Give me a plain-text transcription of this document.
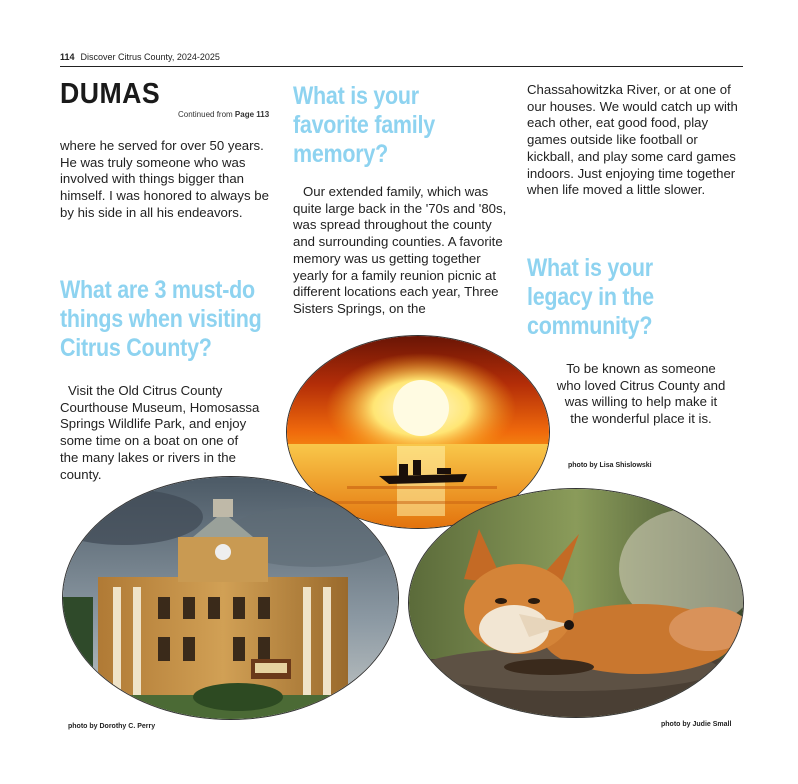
114 Discover Citrus County, 2024-2025
DUMAS
Continued from Page 113
where he served for over 50 years. He was truly someone who was involved with things bigger than himself. I was honored to always be by his side in all his endeavors.
What are 3 must-do things when visiting Citrus County?
Visit the Old Citrus County Courthouse Museum, Homosassa Springs Wildlife Park, and enjoy some time on a boat on one of the many lakes or rivers in the county.
What is your favorite family memory?
Our extended family, which was quite large back in the '70s and '80s, was spread throughout the county and surrounding counties. A favorite memory was us getting together yearly for a family reunion picnic at different locations each year, Three Sisters Springs, on the
Chassahowitzka River, or at one of our houses. We would catch up with each other, eat good food, play games outside like football or kickball, and play some card games indoors. Just enjoying time together when life moved a little slower.
What is your legacy in the community?
To be known as someone who loved Citrus County and was willing to help make it the wonderful place it is.
photo by Lisa Shislowski
photo by Dorothy C. Perry	photo by Judie Small
